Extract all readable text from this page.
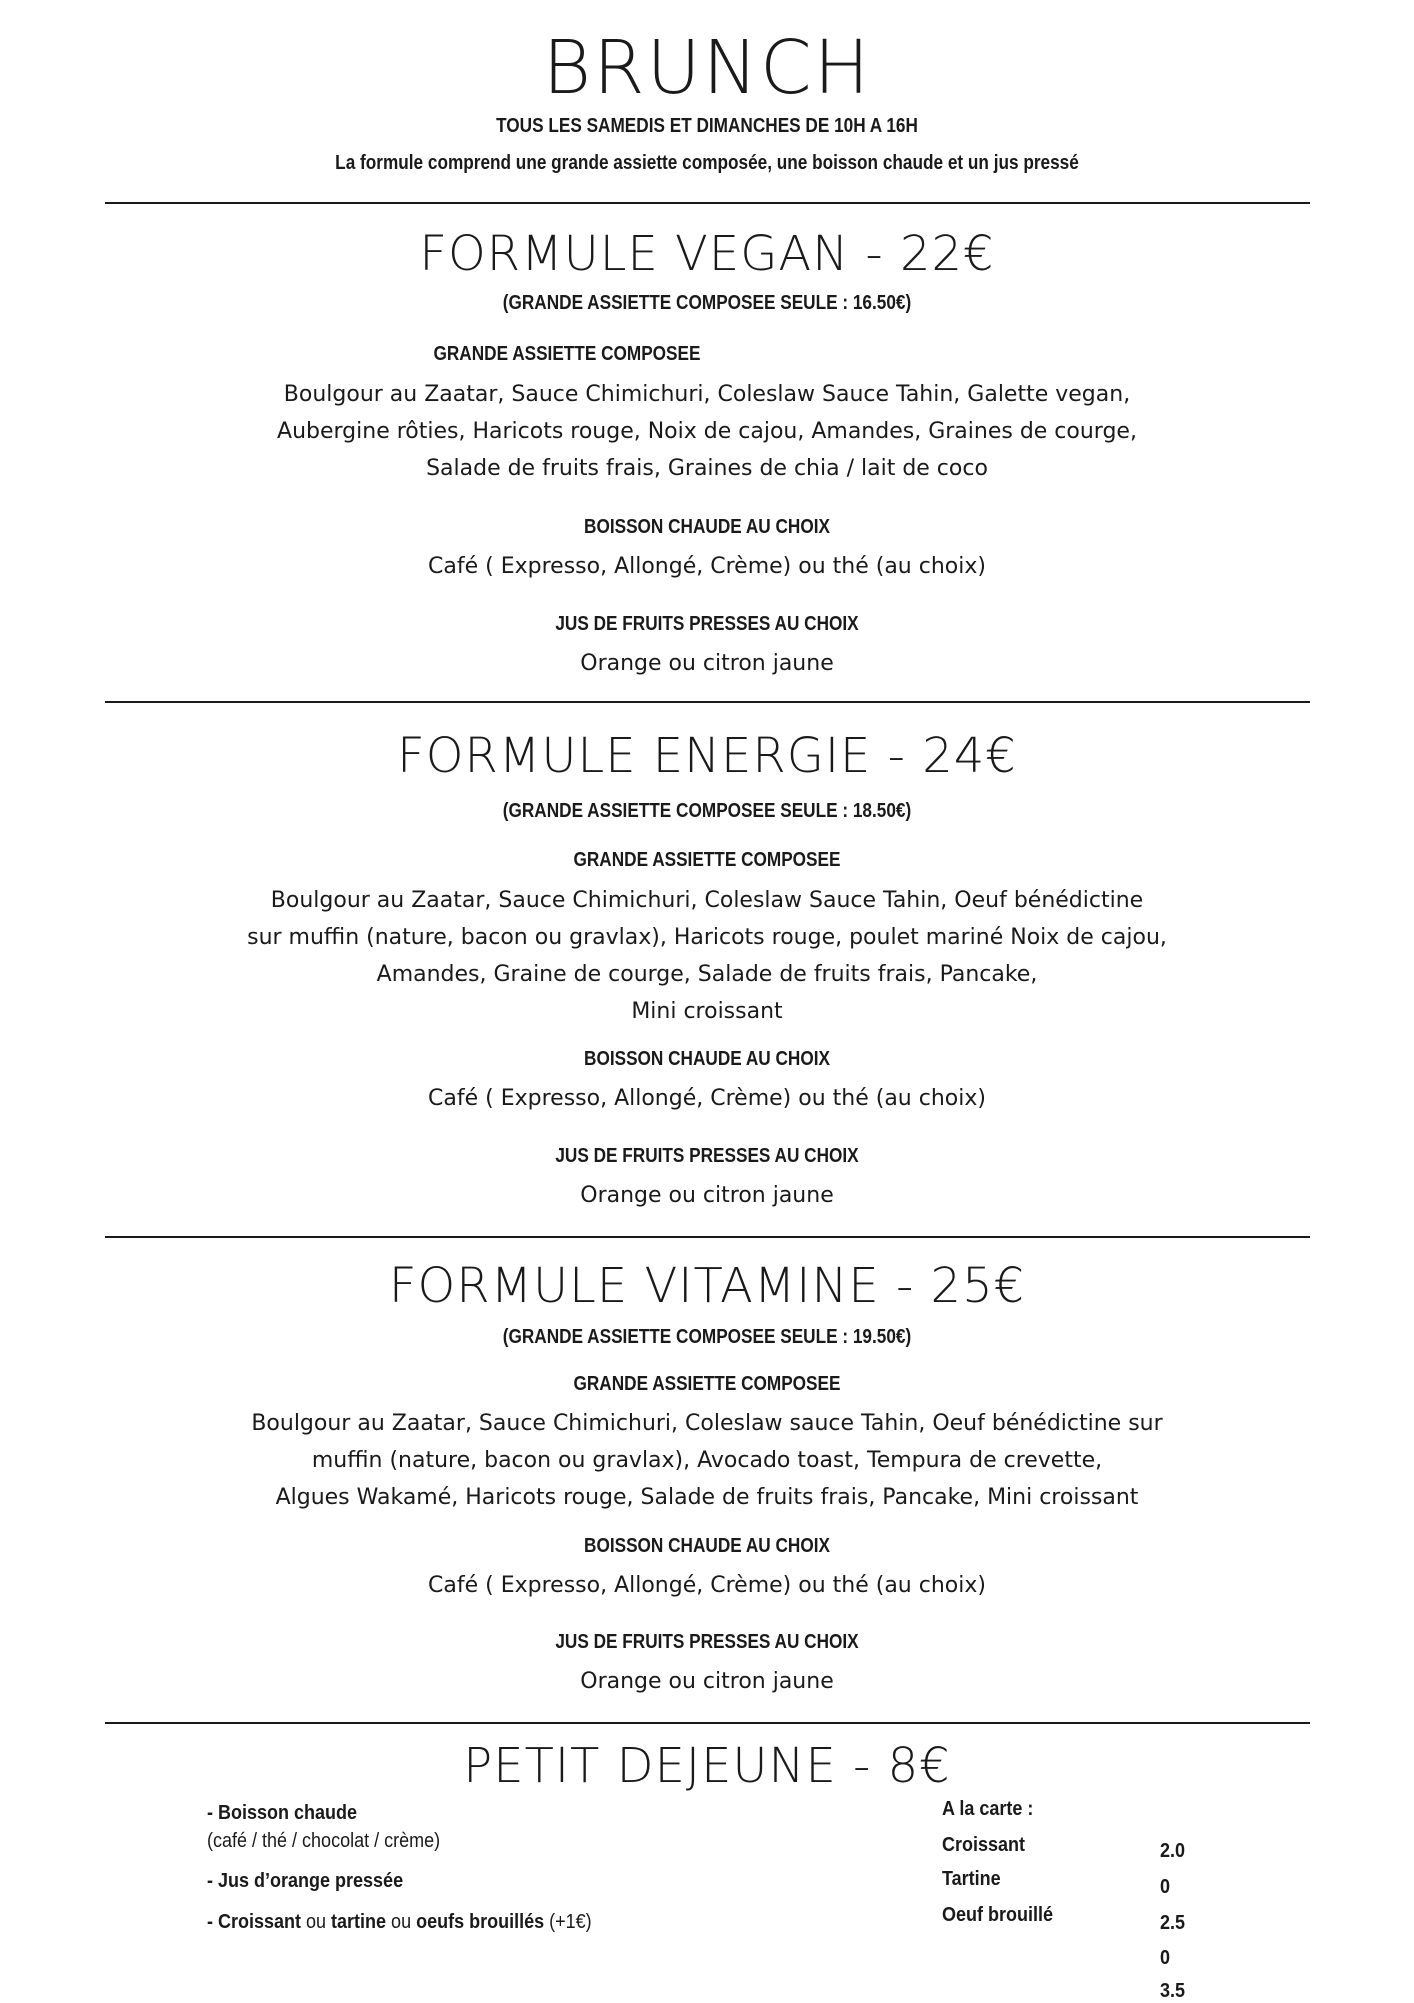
BRUNCH
TOUS LES SAMEDIS ET DIMANCHES DE 10H A 16H
La formule comprend une grande assiette composée, une boisson chaude et un jus pressé
FORMULE VEGAN - 22€
(GRANDE ASSIETTE COMPOSEE SEULE : 16.50€)
GRANDE ASSIETTE COMPOSEE
Boulgour au Zaatar, Sauce Chimichuri, Coleslaw Sauce Tahin, Galette vegan,
Aubergine rôties, Haricots rouge, Noix de cajou, Amandes, Graines de courge,
Salade de fruits frais, Graines de chia / lait de coco
BOISSON CHAUDE AU CHOIX
Café ( Expresso, Allongé, Crème) ou thé (au choix)
JUS DE FRUITS PRESSES AU CHOIX
Orange ou citron jaune
FORMULE ENERGIE - 24€
(GRANDE ASSIETTE COMPOSEE SEULE : 18.50€)
GRANDE ASSIETTE COMPOSEE
Boulgour au Zaatar, Sauce Chimichuri, Coleslaw Sauce Tahin, Oeuf bénédictine
sur muffin (nature, bacon ou gravlax), Haricots rouge, poulet mariné Noix de cajou,
Amandes, Graine de courge, Salade de fruits frais, Pancake,
Mini croissant
BOISSON CHAUDE AU CHOIX
Café ( Expresso, Allongé, Crème) ou thé (au choix)
JUS DE FRUITS PRESSES AU CHOIX
Orange ou citron jaune
FORMULE VITAMINE - 25€
(GRANDE ASSIETTE COMPOSEE SEULE : 19.50€)
GRANDE ASSIETTE COMPOSEE
Boulgour au Zaatar, Sauce Chimichuri, Coleslaw sauce Tahin, Oeuf bénédictine sur
muffin (nature, bacon ou gravlax), Avocado toast, Tempura de crevette,
Algues Wakamé, Haricots rouge, Salade de fruits frais, Pancake, Mini croissant
BOISSON CHAUDE AU CHOIX
Café ( Expresso, Allongé, Crème) ou thé (au choix)
JUS DE FRUITS PRESSES AU CHOIX
Orange ou citron jaune
PETIT DEJEUNE - 8€
- Boisson chaude
(café / thé / chocolat / crème)
- Jus d’orange pressée
- Croissant ou tartine ou oeufs brouillés (+1€)
A la carte :
Croissant
Tartine
Oeuf brouillé
2.0
0
2.5
0
3.5
